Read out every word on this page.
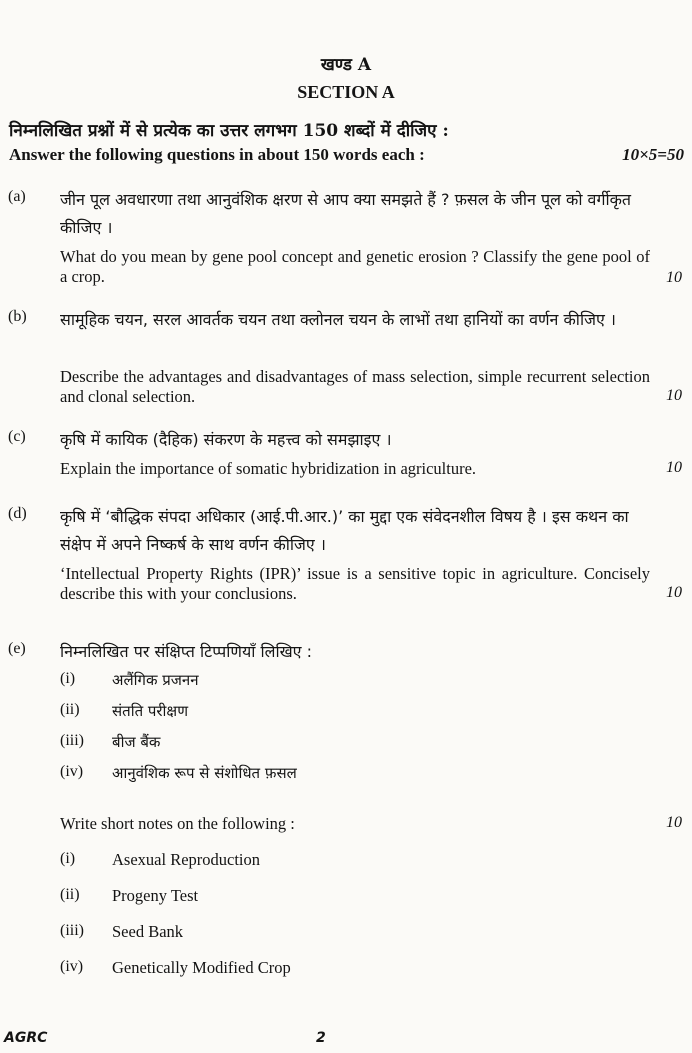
खण्ड A
SECTION A
निम्नलिखित प्रश्नों में से प्रत्येक का उत्तर लगभग 150 शब्दों में दीजिए :
Answer the following questions in about 150 words each :	10×5=50
(a) जीन पूल अवधारणा तथा आनुवंशिक क्षरण से आप क्या समझते हैं ? फ़सल के जीन पूल को वर्गीकृत कीजिए ।
What do you mean by gene pool concept and genetic erosion ? Classify the gene pool of a crop.	10
(b) सामूहिक चयन, सरल आवर्तक चयन तथा क्लोनल चयन के लाभों तथा हानियों का वर्णन कीजिए ।
Describe the advantages and disadvantages of mass selection, simple recurrent selection and clonal selection.	10
(c) कृषि में कायिक (दैहिक) संकरण के महत्त्व को समझाइए ।
Explain the importance of somatic hybridization in agriculture.	10
(d) कृषि में ‘बौद्धिक संपदा अधिकार (आई.पी.आर.)’ का मुद्दा एक संवेदनशील विषय है । इस कथन का संक्षेप में अपने निष्कर्ष के साथ वर्णन कीजिए ।
‘Intellectual Property Rights (IPR)’ issue is a sensitive topic in agriculture. Concisely describe this with your conclusions.	10
(e) निम्नलिखित पर संक्षिप्त टिप्पणियाँ लिखिए :
(i) अलैंगिक प्रजनन
(ii) संतति परीक्षण
(iii) बीज बैंक
(iv) आनुवंशिक रूप से संशोधित फ़सल
Write short notes on the following :	10
(i) Asexual Reproduction
(ii) Progeny Test
(iii) Seed Bank
(iv) Genetically Modified Crop
AGRC	2
